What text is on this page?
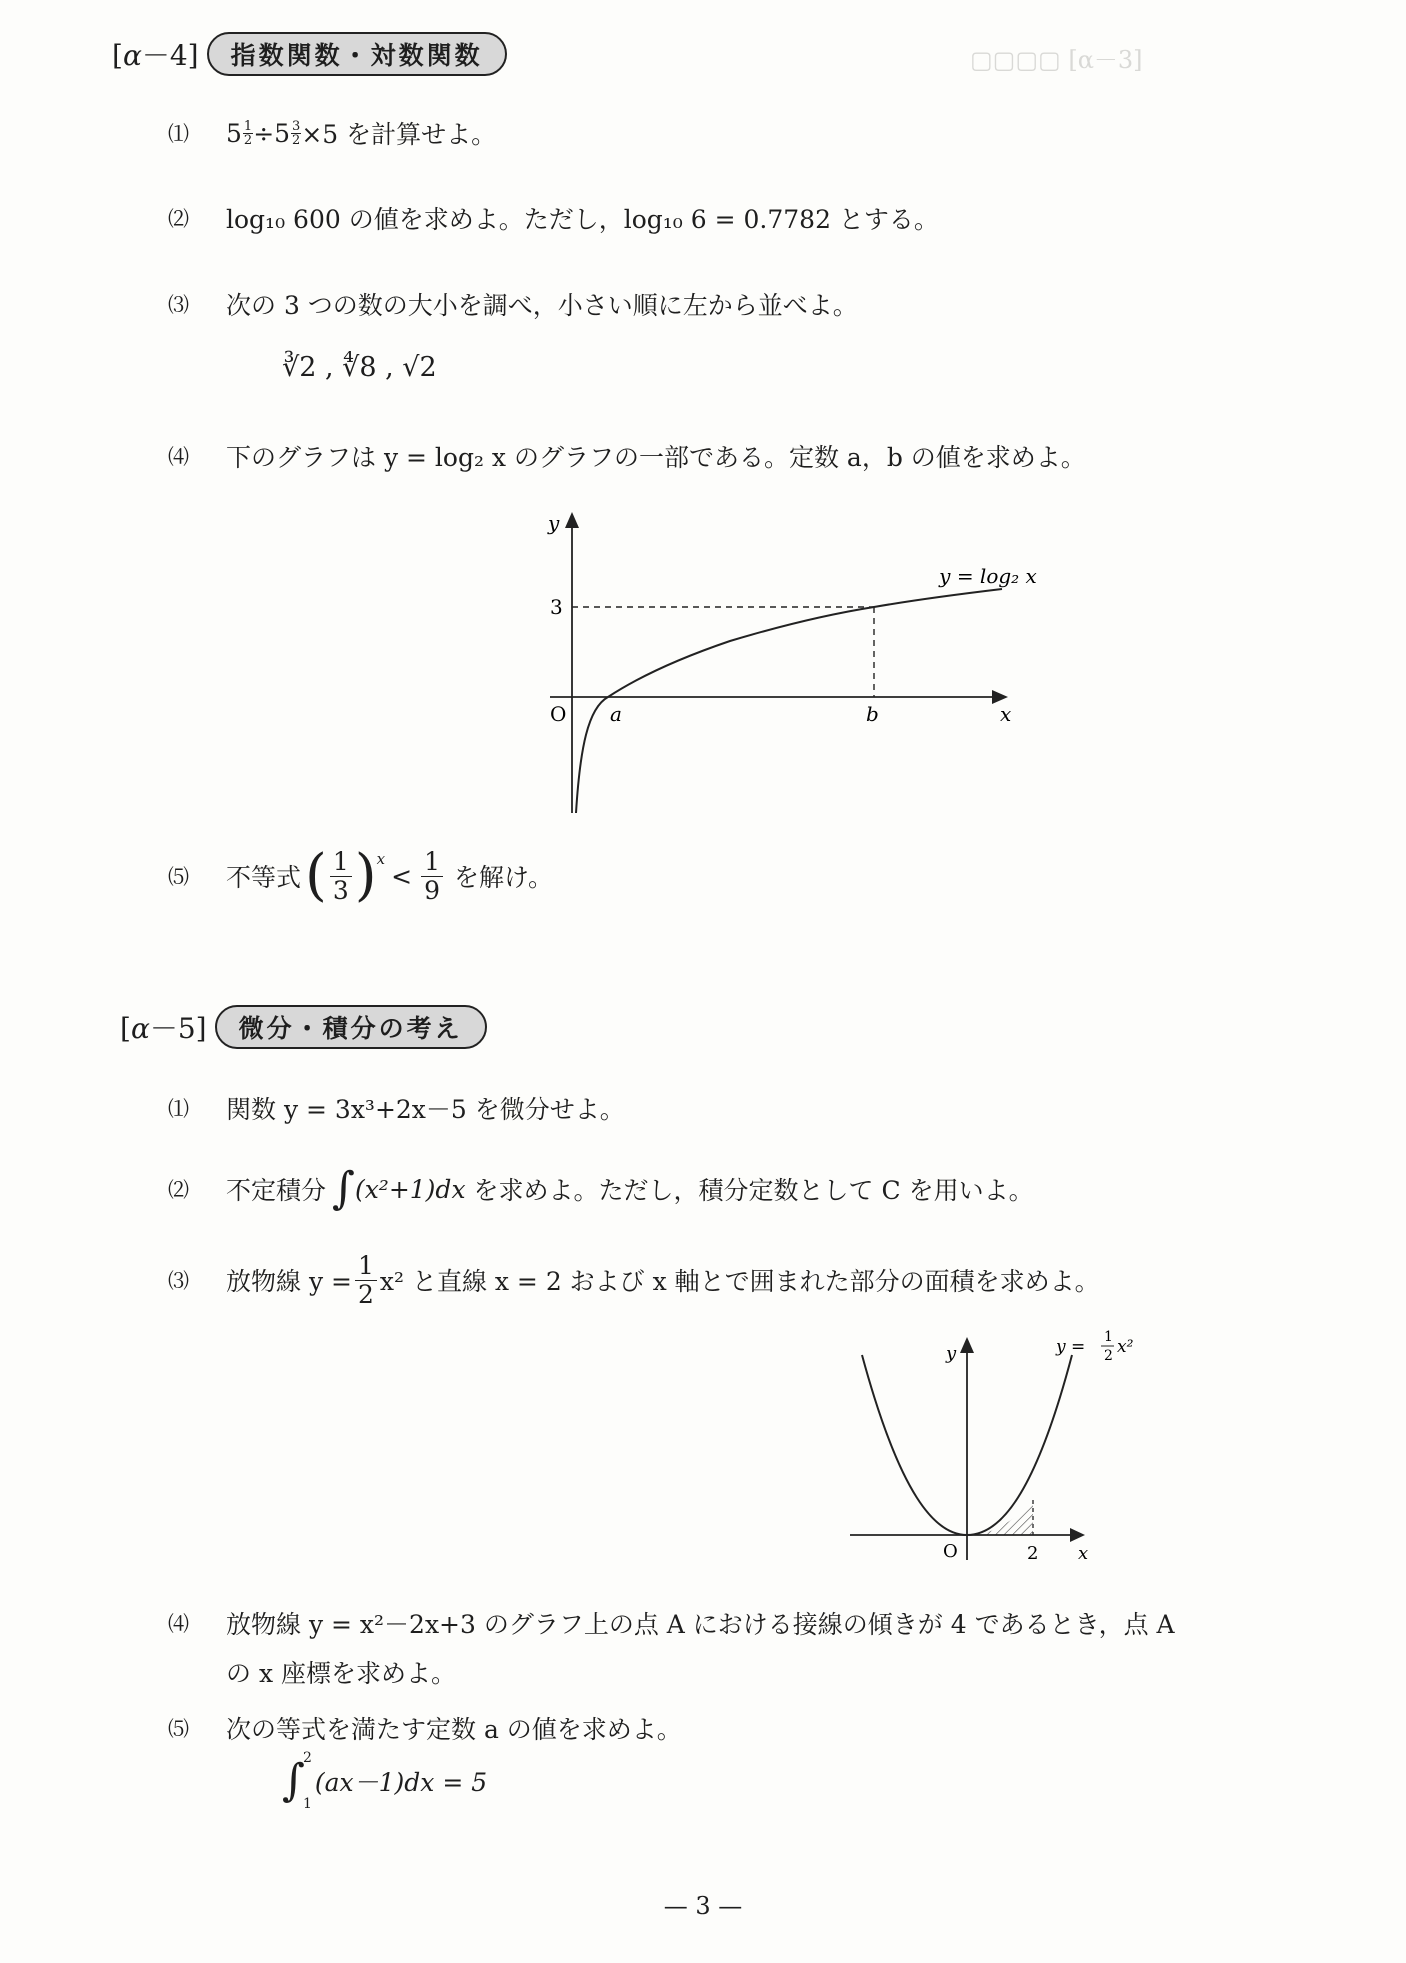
▢▢▢▢ [α－3]
[α－4]	指数関数・対数関数
⑴	$5 \frac{1}{2} \div 5 \frac{3}{2} \times 5$ を計算せよ。
⑵	log₁₀ 600 の値を求めよ。ただし，log₁₀ 6 = 0.7782 とする。
⑶	次の 3 つの数の大小を調べ，小さい順に左から並べよ。
∛2 , ∜8 , √2
⑷	下のグラフは y = log₂ x のグラフの一部である。定数 a，b の値を求めよ。
y
3
O a	b	x
y = log₂ x
⑸	不等式 ( $\frac{1}{3} )^x$
< $\frac{1}{9}$ を解け。
[α－5]	微分・積分の考え
⑴	関数 y = 3x³+2x－5 を微分せよ。
⑵	不定積分 ∫ (x²+1)dx を求めよ。ただし，積分定数として C を用いよ。
⑶	放物線 $y = \frac{1}{2} x^2$ と直線 x = 2 および x 軸とで囲まれた部分の面積を求めよ。
y
O	2 x
y = 1
2 x²
⑷	放物線 y = x²－2x+3 のグラフ上の点 A における接線の傾きが 4 であるとき，点 A
の x 座標を求めよ。
⑸	次の等式を満たす定数 a の値を求めよ。
∫
2
1
(ax－1)dx = 5
— 3 —
